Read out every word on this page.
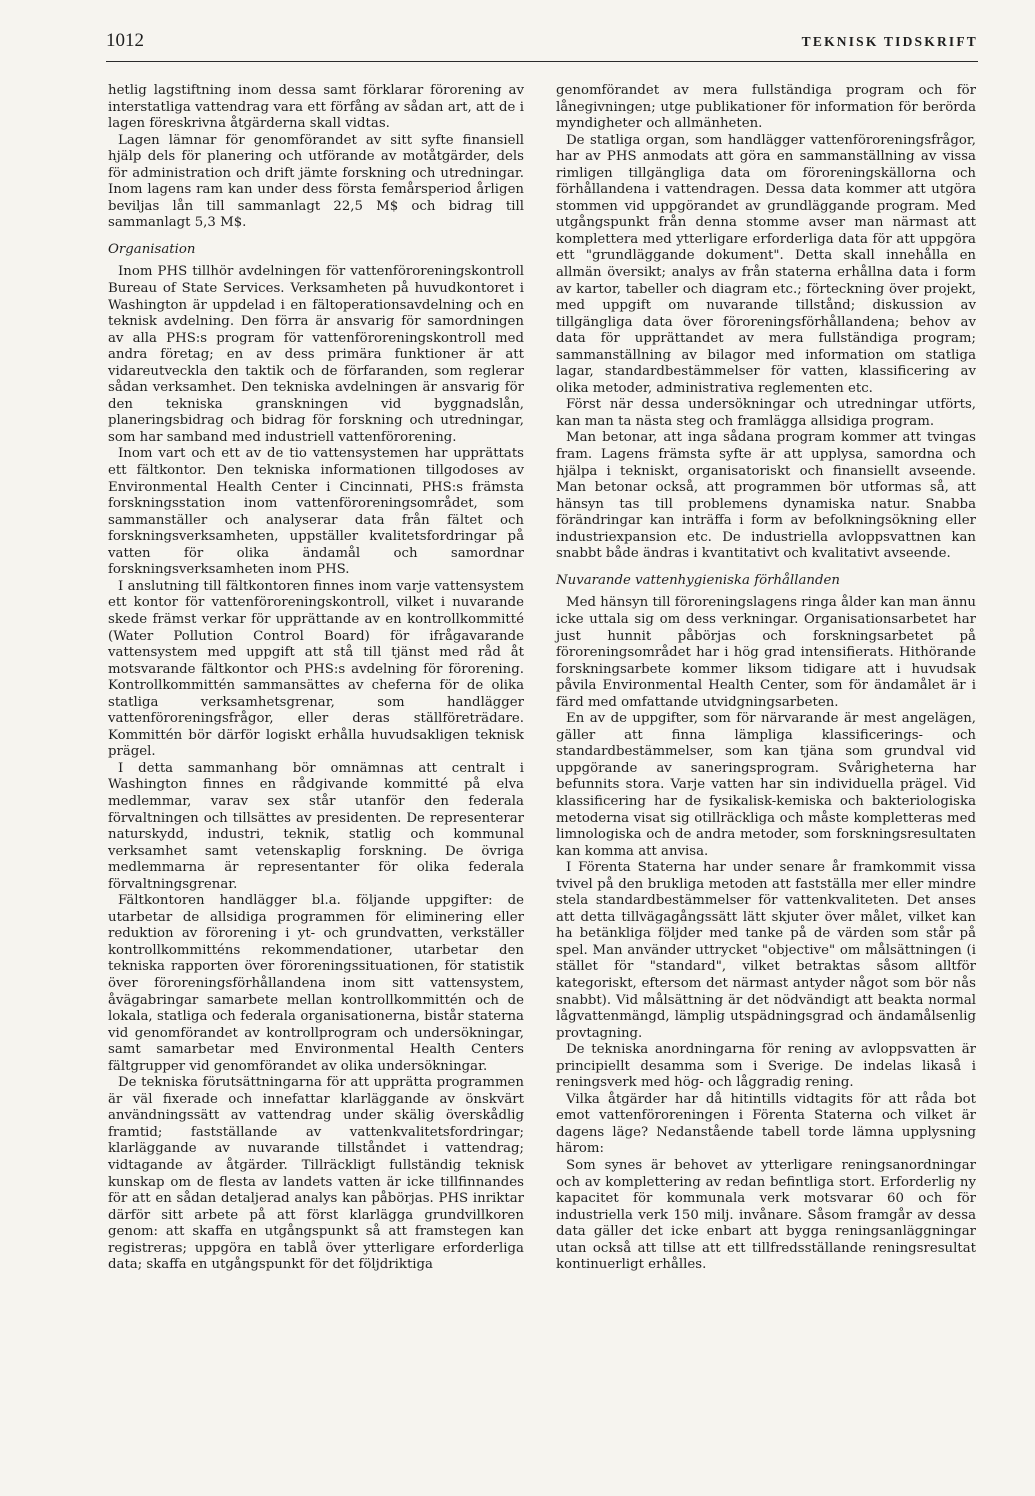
1012	TEKNISK TIDSKRIFT

hetlig lagstiftning inom dessa samt förklarar förorening av interstatliga vattendrag vara ett förfång av sådan art, att de i lagen föreskrivna åtgärderna skall vidtas.

Lagen lämnar för genomförandet av sitt syfte finansiell hjälp dels för planering och utförande av motåtgärder, dels för administration och drift jämte forskning och utredningar. Inom lagens ram kan under dess första femårsperiod årligen beviljas lån till sammanlagt 22,5 M$ och bidrag till sammanlagt 5,3 M$.

Organisation

Inom PHS tillhör avdelningen för vattenföroreningskontroll Bureau of State Services. Verksamheten på huvudkontoret i Washington är uppdelad i en fältoperationsavdelning och en teknisk avdelning. Den förra är ansvarig för samordningen av alla PHS:s program för vattenföroreningskontroll med andra företag; en av dess primära funktioner är att vidareutveckla den taktik och de förfaranden, som reglerar sådan verksamhet. Den tekniska avdelningen är ansvarig för den tekniska granskningen vid byggnadslån, planeringsbidrag och bidrag för forskning och utredningar, som har samband med industriell vattenförorening.

Inom vart och ett av de tio vattensystemen har upprättats ett fältkontor. Den tekniska informationen tillgodoses av Environmental Health Center i Cincinnati, PHS:s främsta forskningsstation inom vattenföroreningsområdet, som sammanställer och analyserar data från fältet och forskningsverksamheten, uppställer kvalitetsfordringar på vatten för olika ändamål och samordnar forskningsverksamheten inom PHS.

I anslutning till fältkontoren finnes inom varje vattensystem ett kontor för vattenföroreningskontroll, vilket i nuvarande skede främst verkar för upprättande av en kontrollkommitté (Water Pollution Control Board) för ifrågavarande vattensystem med uppgift att stå till tjänst med råd åt motsvarande fältkontor och PHS:s avdelning för förorening. Kontrollkommittén sammansättes av cheferna för de olika statliga verksamhetsgrenar, som handlägger vattenföroreningsfrågor, eller deras ställföreträdare. Kommittén bör därför logiskt erhålla huvudsakligen teknisk prägel.

I detta sammanhang bör omnämnas att centralt i Washington finnes en rådgivande kommitté på elva medlemmar, varav sex står utanför den federala förvaltningen och tillsättes av presidenten. De representerar naturskydd, industri, teknik, statlig och kommunal verksamhet samt vetenskaplig forskning. De övriga medlemmarna är representanter för olika federala förvaltningsgrenar.

Fältkontoren handlägger bl.a. följande uppgifter: de utarbetar de allsidiga programmen för eliminering eller reduktion av förorening i yt- och grundvatten, verkställer kontrollkommitténs rekommendationer, utarbetar den tekniska rapporten över föroreningssituationen, för statistik över föroreningsförhållandena inom sitt vattensystem, åvägabringar samarbete mellan kontrollkommittén och de lokala, statliga och federala organisationerna, bistår staterna vid genomförandet av kontrollprogram och undersökningar, samt samarbetar med Environmental Health Centers fältgrupper vid genomförandet av olika undersökningar.

De tekniska förutsättningarna för att upprätta programmen är väl fixerade och innefattar klarläggande av önskvärt användningssätt av vattendrag under skälig överskådlig framtid; fastställande av vattenkvalitetsfordringar; klarläggande av nuvarande tillståndet i vattendrag; vidtagande av åtgärder. Tillräckligt fullständig teknisk kunskap om de flesta av landets vatten är icke tillfinnandes för att en sådan detaljerad analys kan påbörjas. PHS inriktar därför sitt arbete på att först klarlägga grundvillkoren genom: att skaffa en utgångspunkt så att framstegen kan registreras; uppgöra en tablå över ytterligare erforderliga data; skaffa en utgångspunkt för det följdriktiga

genomförandet av mera fullständiga program och för lånegivningen; utge publikationer för information för berörda myndigheter och allmänheten.

De statliga organ, som handlägger vattenföroreningsfrågor, har av PHS anmodats att göra en sammanställning av vissa rimligen tillgängliga data om föroreningskällorna och förhållandena i vattendragen. Dessa data kommer att utgöra stommen vid uppgörandet av grundläggande program. Med utgångspunkt från denna stomme avser man närmast att komplettera med ytterligare erforderliga data för att uppgöra ett "grundläggande dokument". Detta skall innehålla en allmän översikt; analys av från staterna erhållna data i form av kartor, tabeller och diagram etc.; förteckning över projekt, med uppgift om nuvarande tillstånd; diskussion av tillgängliga data över föroreningsförhållandena; behov av data för upprättandet av mera fullständiga program; sammanställning av bilagor med information om statliga lagar, standardbestämmelser för vatten, klassificering av olika metoder, administrativa reglementen etc.

Först när dessa undersökningar och utredningar utförts, kan man ta nästa steg och framlägga allsidiga program.

Man betonar, att inga sådana program kommer att tvingas fram. Lagens främsta syfte är att upplysa, samordna och hjälpa i tekniskt, organisatoriskt och finansiellt avseende. Man betonar också, att programmen bör utformas så, att hänsyn tas till problemens dynamiska natur. Snabba förändringar kan inträffa i form av befolkningsökning eller industriexpansion etc. De industriella avloppsvattnen kan snabbt både ändras i kvantitativt och kvalitativt avseende.

Nuvarande vattenhygieniska förhållanden

Med hänsyn till föroreningslagens ringa ålder kan man ännu icke uttala sig om dess verkningar. Organisationsarbetet har just hunnit påbörjas och forskningsarbetet på föroreningsområdet har i hög grad intensifierats. Hithörande forskningsarbete kommer liksom tidigare att i huvudsak påvila Environmental Health Center, som för ändamålet är i färd med omfattande utvidgningsarbeten.

En av de uppgifter, som för närvarande är mest angelägen, gäller att finna lämpliga klassificerings- och standardbestämmelser, som kan tjäna som grundval vid uppgörande av saneringsprogram. Svårigheterna har befunnits stora. Varje vatten har sin individuella prägel. Vid klassificering har de fysikalisk-kemiska och bakteriologiska metoderna visat sig otillräckliga och måste kompletteras med limnologiska och de andra metoder, som forskningsresultaten kan komma att anvisa.

I Förenta Staterna har under senare år framkommit vissa tvivel på den brukliga metoden att fastställa mer eller mindre stela standardbestämmelser för vattenkvaliteten. Det anses att detta tillvägagångssätt lätt skjuter över målet, vilket kan ha betänkliga följder med tanke på de värden som står på spel. Man använder uttrycket "objective" om målsättningen (i stället för "standard", vilket betraktas såsom alltför kategoriskt, eftersom det närmast antyder något som bör nås snabbt). Vid målsättning är det nödvändigt att beakta normal lågvattenmängd, lämplig utspädningsgrad och ändamålsenlig provtagning.

De tekniska anordningarna för rening av avloppsvatten är principiellt desamma som i Sverige. De indelas likaså i reningsverk med hög- och låggradig rening.

Vilka åtgärder har då hitintills vidtagits för att råda bot emot vattenföroreningen i Förenta Staterna och vilket är dagens läge? Nedanstående tabell torde lämna upplysning härom:

Som synes är behovet av ytterligare reningsanordningar och av komplettering av redan befintliga stort. Erforderlig ny kapacitet för kommunala verk motsvarar 60 och för industriella verk 150 milj. invånare. Såsom framgår av dessa data gäller det icke enbart att bygga reningsanläggningar utan också att tillse att ett tillfredsställande reningsresultat kontinuerligt erhålles.
